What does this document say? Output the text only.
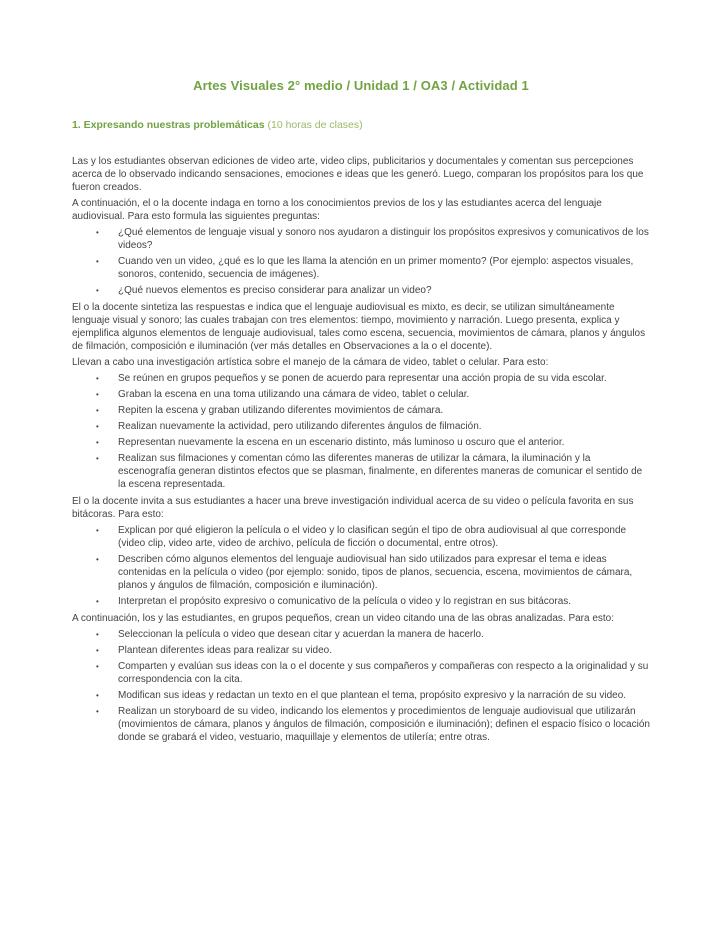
Artes Visuales 2° medio / Unidad 1 / OA3 / Actividad 1
1. Expresando nuestras problemáticas (10 horas de clases)

Las y los estudiantes observan ediciones de video arte, video clips, publicitarios y documentales y comentan sus percepciones acerca de lo observado indicando sensaciones, emociones e ideas que les generó. Luego, comparan los propósitos para los que fueron creados.

A continuación, el o la docente indaga en torno a los conocimientos previos de los y las estudiantes acerca del lenguaje audiovisual. Para esto formula las siguientes preguntas:

•	¿Qué elementos de lenguaje visual y sonoro nos ayudaron a distinguir los propósitos expresivos y comunicativos de los videos?
•	Cuando ven un video, ¿qué es lo que les llama la atención en un primer momento? (Por ejemplo: aspectos visuales, sonoros, contenido, secuencia de imágenes).
•	¿Qué nuevos elementos es preciso considerar para analizar un video?

El o la docente sintetiza las respuestas e indica que el lenguaje audiovisual es mixto, es decir, se utilizan simultáneamente lenguaje visual y sonoro; las cuales trabajan con tres elementos: tiempo, movimiento y narración. Luego presenta, explica y ejemplifica algunos elementos de lenguaje audiovisual, tales como escena, secuencia, movimientos de cámara, planos y ángulos de filmación, composición e iluminación (ver más detalles en Observaciones a la o el docente).

Llevan a cabo una investigación artística sobre el manejo de la cámara de video, tablet o celular. Para esto:

•	Se reúnen en grupos pequeños y se ponen de acuerdo para representar una acción propia de su vida escolar.
•	Graban la escena en una toma utilizando una cámara de video, tablet o celular.
•	Repiten la escena y graban utilizando diferentes movimientos de cámara.
•	Realizan nuevamente la actividad, pero utilizando diferentes ángulos de filmación.
•	Representan nuevamente la escena en un escenario distinto, más luminoso u oscuro que el anterior.
•	Realizan sus filmaciones y comentan cómo las diferentes maneras de utilizar la cámara, la iluminación y la escenografía generan distintos efectos que se plasman, finalmente, en diferentes maneras de comunicar el sentido de la escena representada.

El o la docente invita a sus estudiantes a hacer una breve investigación individual acerca de su video o película favorita en sus bitácoras. Para esto:

•	Explican por qué eligieron la película o el video y lo clasifican según el tipo de obra audiovisual al que corresponde (video clip, video arte, video de archivo, película de ficción o documental, entre otros).
•	Describen cómo algunos elementos del lenguaje audiovisual han sido utilizados para expresar el tema e ideas contenidas en la película o video (por ejemplo: sonido, tipos de planos, secuencia, escena, movimientos de cámara, planos y ángulos de filmación, composición e iluminación).
•	Interpretan el propósito expresivo o comunicativo de la película o video y lo registran en sus bitácoras.

A continuación, los y las estudiantes, en grupos pequeños, crean un video citando una de las obras analizadas. Para esto:

•	Seleccionan la película o video que desean citar y acuerdan la manera de hacerlo.
•	Plantean diferentes ideas para realizar su video.
•	Comparten y evalúan sus ideas con la o el docente y sus compañeros y compañeras con respecto a la originalidad y su correspondencia con la cita.
•	Modifican sus ideas y redactan un texto en el que plantean el tema, propósito expresivo y la narración de su video.
•	Realizan un storyboard de su video, indicando los elementos y procedimientos de lenguaje audiovisual que utilizarán (movimientos de cámara, planos y ángulos de filmación, composición e iluminación); definen el espacio físico o locación donde se grabará el video, vestuario, maquillaje y elementos de utilería; entre otras.
